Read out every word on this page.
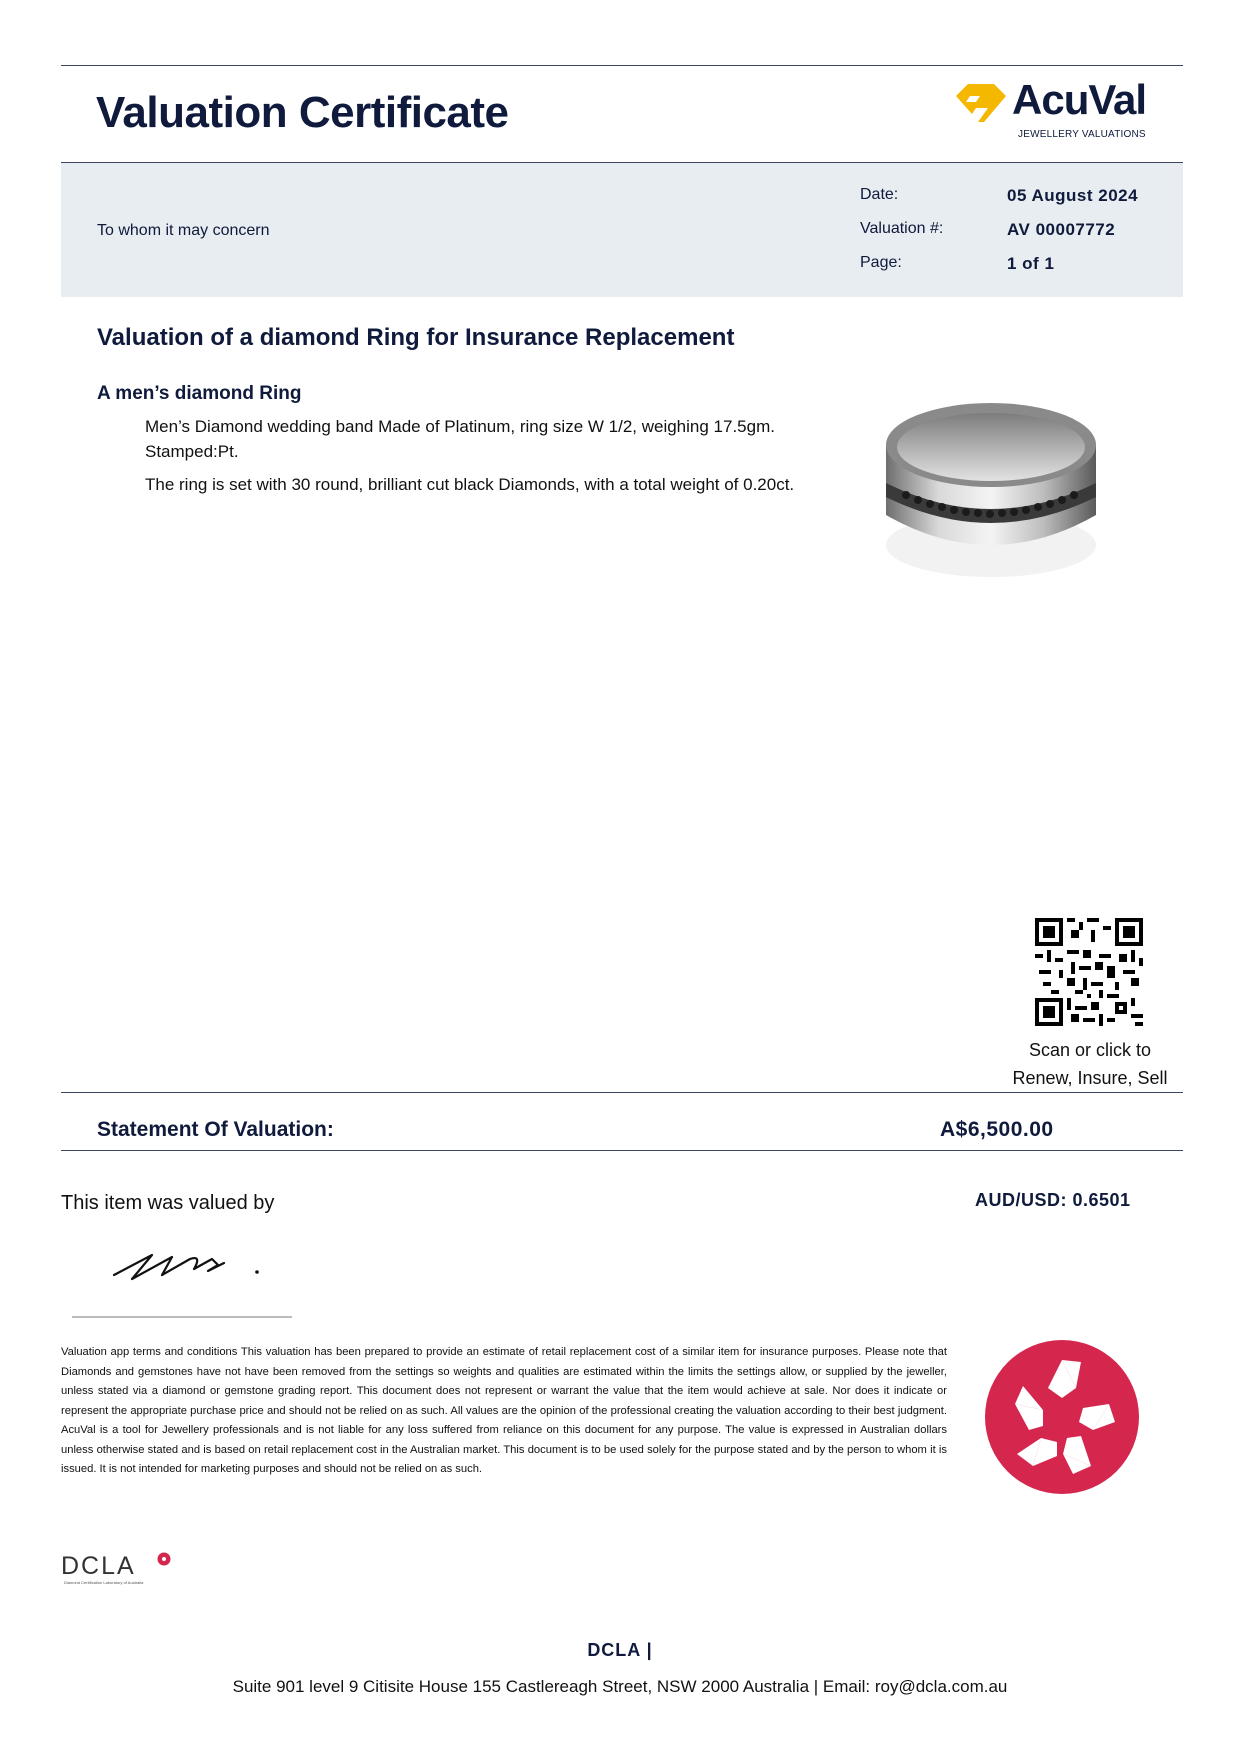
Valuation Certificate	AcuVal
JEWELLERY VALUATIONS
To whom it may concern
Date:	05 August 2024
Valuation #:	AV 00007772
Page:	1 of 1
Valuation of a diamond Ring for Insurance Replacement
A men’s diamond Ring
Men’s Diamond wedding band Made of Platinum, ring size W 1/2, weighing 17.5gm.
Stamped:Pt.
The ring is set with 30 round, brilliant cut black Diamonds, with a total weight of 0.20ct.
Scan or click to
Renew, Insure, Sell
Statement Of Valuation:	A$6,500.00
This item was valued by	AUD/USD: 0.6501
Valuation app terms and conditions This valuation has been prepared to provide an estimate of retail replacement cost of a similar item for insurance purposes. Please note that Diamonds and gemstones have not have been removed from the settings so weights and qualities are estimated within the limits the settings allow, or supplied by the jeweller, unless stated via a diamond or gemstone grading report. This document does not represent or warrant the value that the item would achieve at sale. Nor does it indicate or represent the appropriate purchase price and should not be relied on as such. All values are the opinion of the professional creating the valuation according to their best judgment. AcuVal is a tool for Jewellery professionals and is not liable for any loss suffered from reliance on this document for any purpose. The value is expressed in Australian dollars unless otherwise stated and is based on retail replacement cost in the Australian market. This document is to be used solely for the purpose stated and by the person to whom it is issued. It is not intended for marketing purposes and should not be relied on as such.
DCLA
Diamond Certification Laboratory of Australia
DCLA |
Suite 901 level 9 Citisite House 155 Castlereagh Street, NSW 2000 Australia | Email: roy@dcla.com.au
